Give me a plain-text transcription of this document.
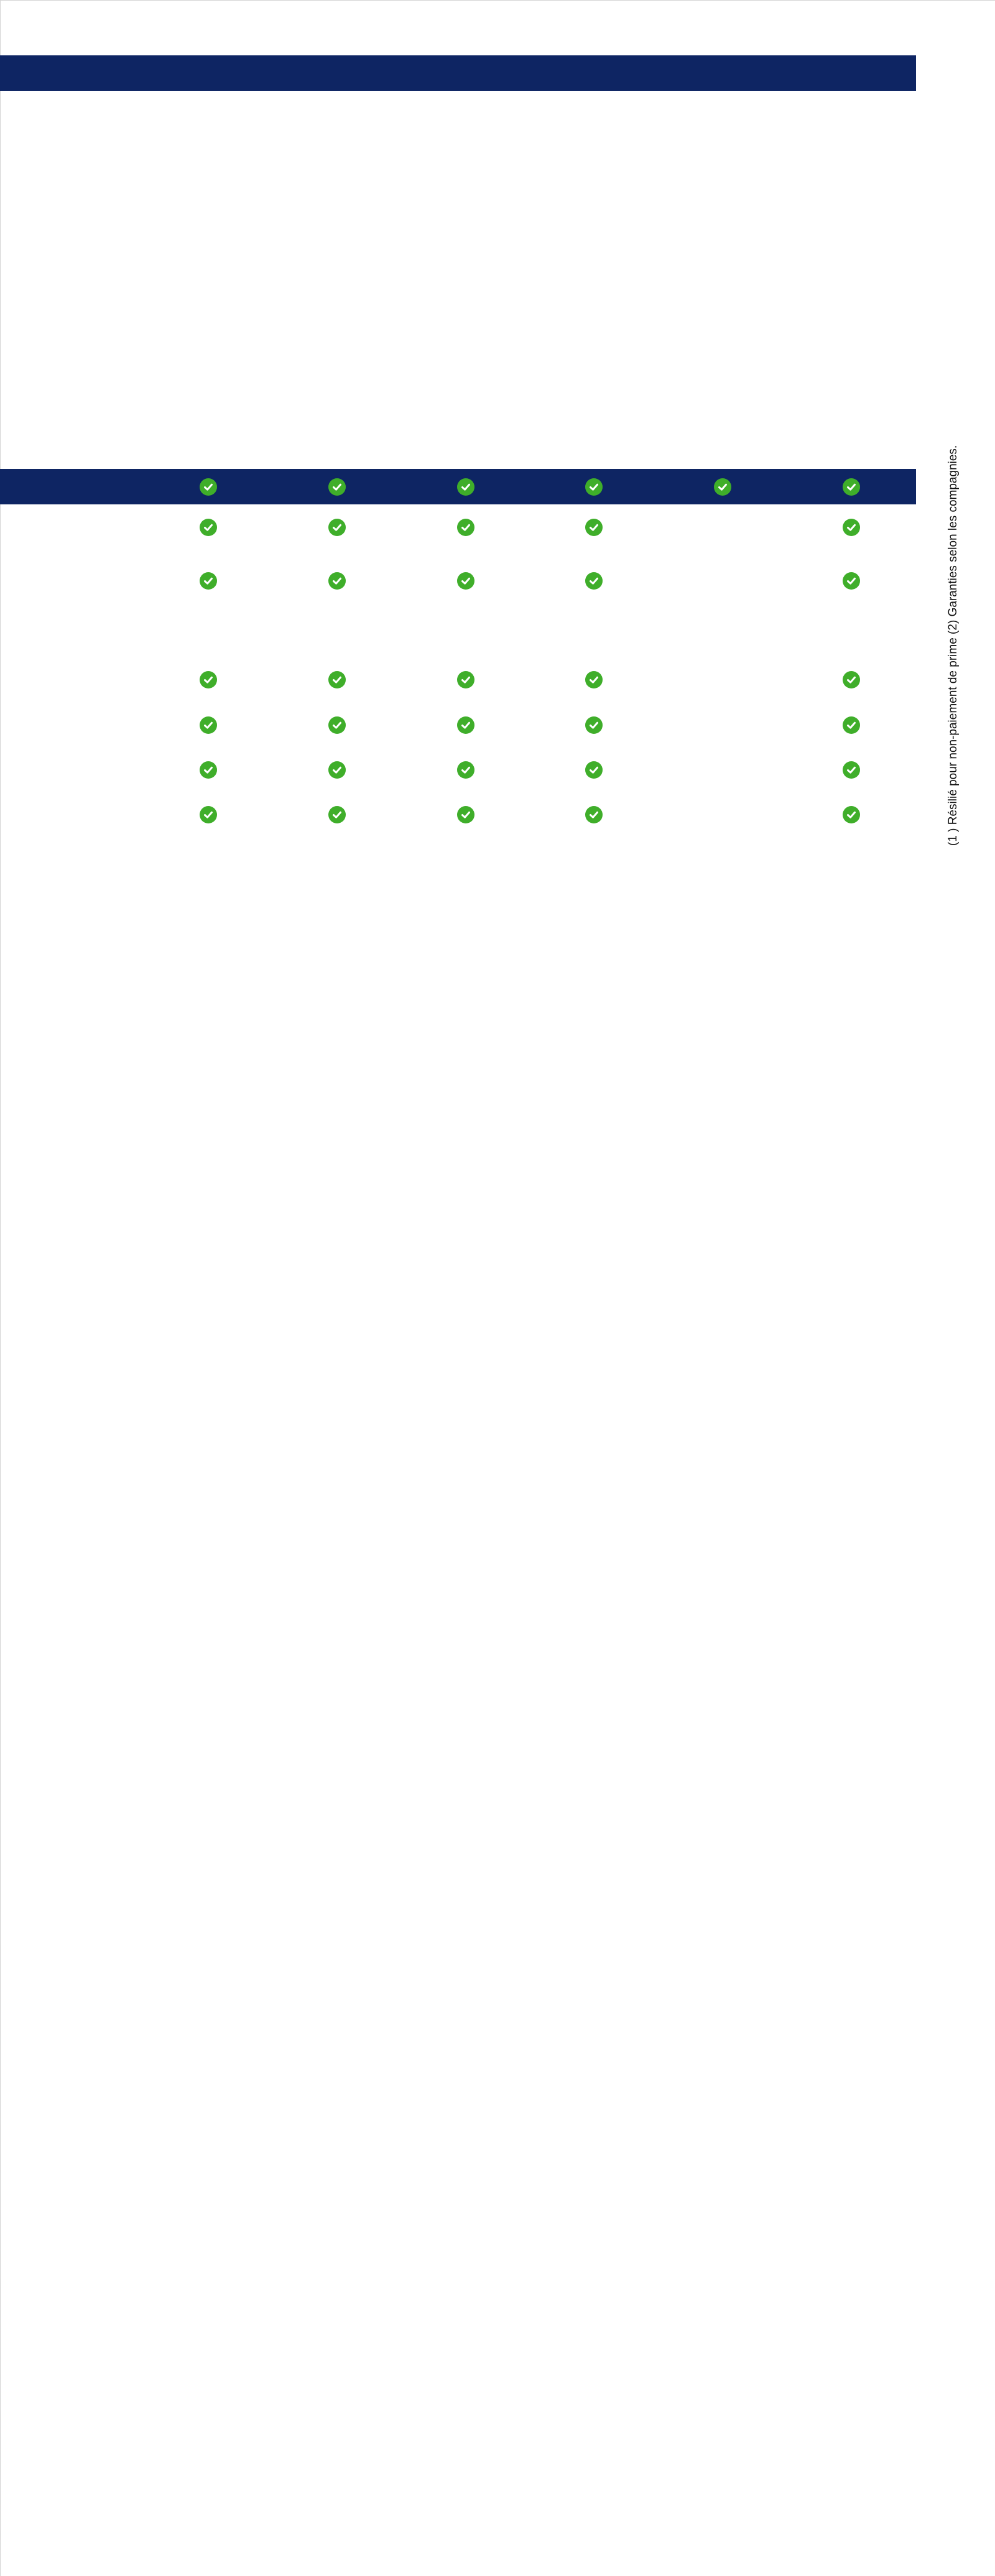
(1 ) Résilié pour non-paiement de prime (2) Garanties selon les compagnies.
